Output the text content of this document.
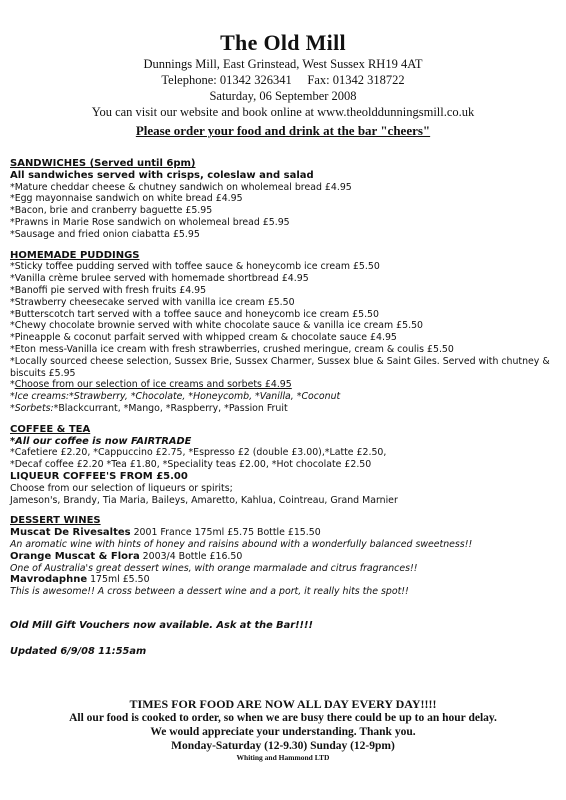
The Old Mill
Dunnings Mill, East Grinstead, West Sussex RH19 4AT
Telephone: 01342 326341     Fax: 01342 318722
Saturday, 06 September 2008
You can visit our website and book online at www.theolddunningsmill.co.uk
Please order your food and drink at the bar "cheers"
SANDWICHES (Served until 6pm)
All sandwiches served with crisps, coleslaw and salad
*Mature cheddar cheese & chutney sandwich on wholemeal bread £4.95
*Egg mayonnaise sandwich on white bread £4.95
*Bacon, brie and cranberry baguette £5.95
*Prawns in Marie Rose sandwich on wholemeal bread £5.95
*Sausage and fried onion ciabatta £5.95
HOMEMADE PUDDINGS
*Sticky toffee pudding served with toffee sauce & honeycomb ice cream £5.50
*Vanilla crème brulee served with homemade shortbread £4.95
*Banoffi pie served with fresh fruits £4.95
*Strawberry cheesecake served with vanilla ice cream £5.50
*Butterscotch tart served with a toffee sauce and honeycomb ice cream £5.50
*Chewy chocolate brownie served with white chocolate sauce & vanilla ice cream £5.50
*Pineapple & coconut parfait served with whipped cream & chocolate sauce £4.95
*Eton mess-Vanilla ice cream with fresh strawberries, crushed meringue, cream & coulis £5.50
*Locally sourced cheese selection, Sussex Brie, Sussex Charmer, Sussex blue & Saint Giles. Served with chutney & biscuits £5.95
*Choose from our selection of ice creams and sorbets £4.95
*Ice creams:*Strawberry, *Chocolate, *Honeycomb, *Vanilla, *Coconut
*Sorbets:*Blackcurrant, *Mango, *Raspberry, *Passion Fruit
COFFEE & TEA
*All our coffee is now FAIRTRADE
*Cafetiere £2.20, *Cappuccino £2.75, *Espresso £2 (double £3.00),*Latte £2.50,
*Decaf coffee £2.20 *Tea £1.80, *Speciality teas £2.00, *Hot chocolate £2.50
LIQUEUR COFFEE'S FROM £5.00
Choose from our selection of liqueurs or spirits;
Jameson's, Brandy, Tia Maria, Baileys, Amaretto, Kahlua, Cointreau, Grand Marnier
DESSERT WINES
Muscat De Rivesaltes 2001 France 175ml £5.75 Bottle £15.50
An aromatic wine with hints of honey and raisins abound with a wonderfully balanced sweetness!!
Orange Muscat & Flora 2003/4 Bottle £16.50
One of Australia's great dessert wines, with orange marmalade and citrus fragrances!!
Mavrodaphne 175ml £5.50
This is awesome!! A cross between a dessert wine and a port, it really hits the spot!!
Old Mill Gift Vouchers now available. Ask at the Bar!!!!
Updated 6/9/08 11:55am
TIMES FOR FOOD ARE NOW ALL DAY EVERY DAY!!!!
All our food is cooked to order, so when we are busy there could be up to an hour delay.
We would appreciate your understanding. Thank you.
Monday-Saturday (12-9.30) Sunday (12-9pm)
Whiting and Hammond LTD
